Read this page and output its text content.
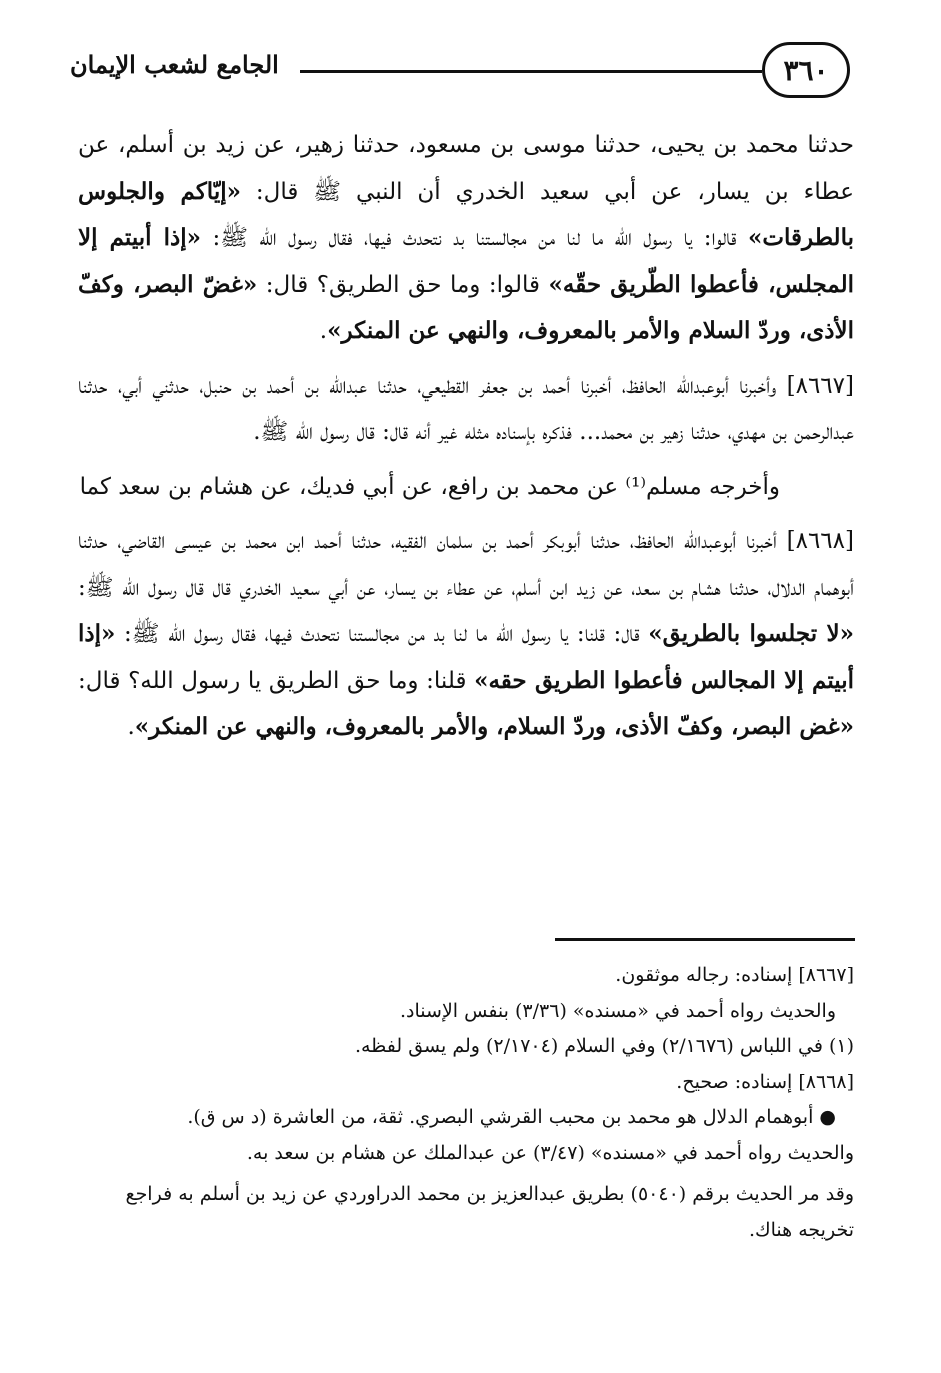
٣٦٠
الجامع لشعب الإيمان

حدثنا محمد بن يحيى، حدثنا موسى بن مسعود، حدثنا زهير، عن زيد بن أسلم، عن عطاء بن يسار، عن أبي سعيد الخدري أن النبي ﷺ قال: «إيّاكم والجلوس بالطرقات» قالوا: يا رسول الله ما لنا من مجالستنا بد نتحدث فيها، فقال رسول الله ﷺ: «إذا أبيتم إلا المجلس، فأعطوا الطّريق حقّه» قالوا: وما حق الطريق؟ قال: «غضّ البصر، وكفّ الأذى، وردّ السلام والأمر بالمعروف، والنهي عن المنكر».

[٨٦٦٧] وأخبرنا أبوعبدالله الحافظ، أخبرنا أحمد بن جعفر القطيعي، حدثنا عبدالله بن أحمد بن حنبل، حدثني أبي، حدثنا عبدالرحمن بن مهدي، حدثنا زهير بن محمد... فذكره بإسناده مثله غير أنه قال: قال رسول الله ﷺ.

وأخرجه مسلم⁽¹⁾ عن محمد بن رافع، عن أبي فديك، عن هشام بن سعد كما

[٨٦٦٨] أخبرنا أبوعبدالله الحافظ، حدثنا أبوبكر أحمد بن سلمان الفقيه، حدثنا أحمد ابن محمد بن عيسى القاضي، حدثنا أبوهمام الدلال، حدثنا هشام بن سعد، عن زيد ابن أسلم، عن عطاء بن يسار، عن أبي سعيد الخدري قال قال رسول الله ﷺ: «لا تجلسوا بالطريق» قال: قلنا: يا رسول الله ما لنا بد من مجالستنا نتحدث فيها، فقال رسول الله ﷺ: «إذا أبيتم إلا المجالس فأعطوا الطريق حقه» قلنا: وما حق الطريق يا رسول الله؟ قال: «غض البصر، وكفّ الأذى، وردّ السلام، والأمر بالمعروف، والنهي عن المنكر».

[٨٦٦٧] إسناده: رجاله موثقون.

والحديث رواه أحمد في «مسنده» (٣/٣٦) بنفس الإسناد.

(١) في اللباس (٢/١٦٧٦) وفي السلام (٢/١٧٠٤) ولم يسق لفظه.

[٨٦٦٨] إسناده: صحيح.

● أبوهمام الدلال هو محمد بن محبب القرشي البصري. ثقة، من العاشرة (د س ق).

والحديث رواه أحمد في «مسنده» (٣/٤٧) عن عبدالملك عن هشام بن سعد به.

وقد مر الحديث برقم (٥٠٤٠) بطريق عبدالعزيز بن محمد الدراوردي عن زيد بن أسلم به فراجع تخريجه هناك.
